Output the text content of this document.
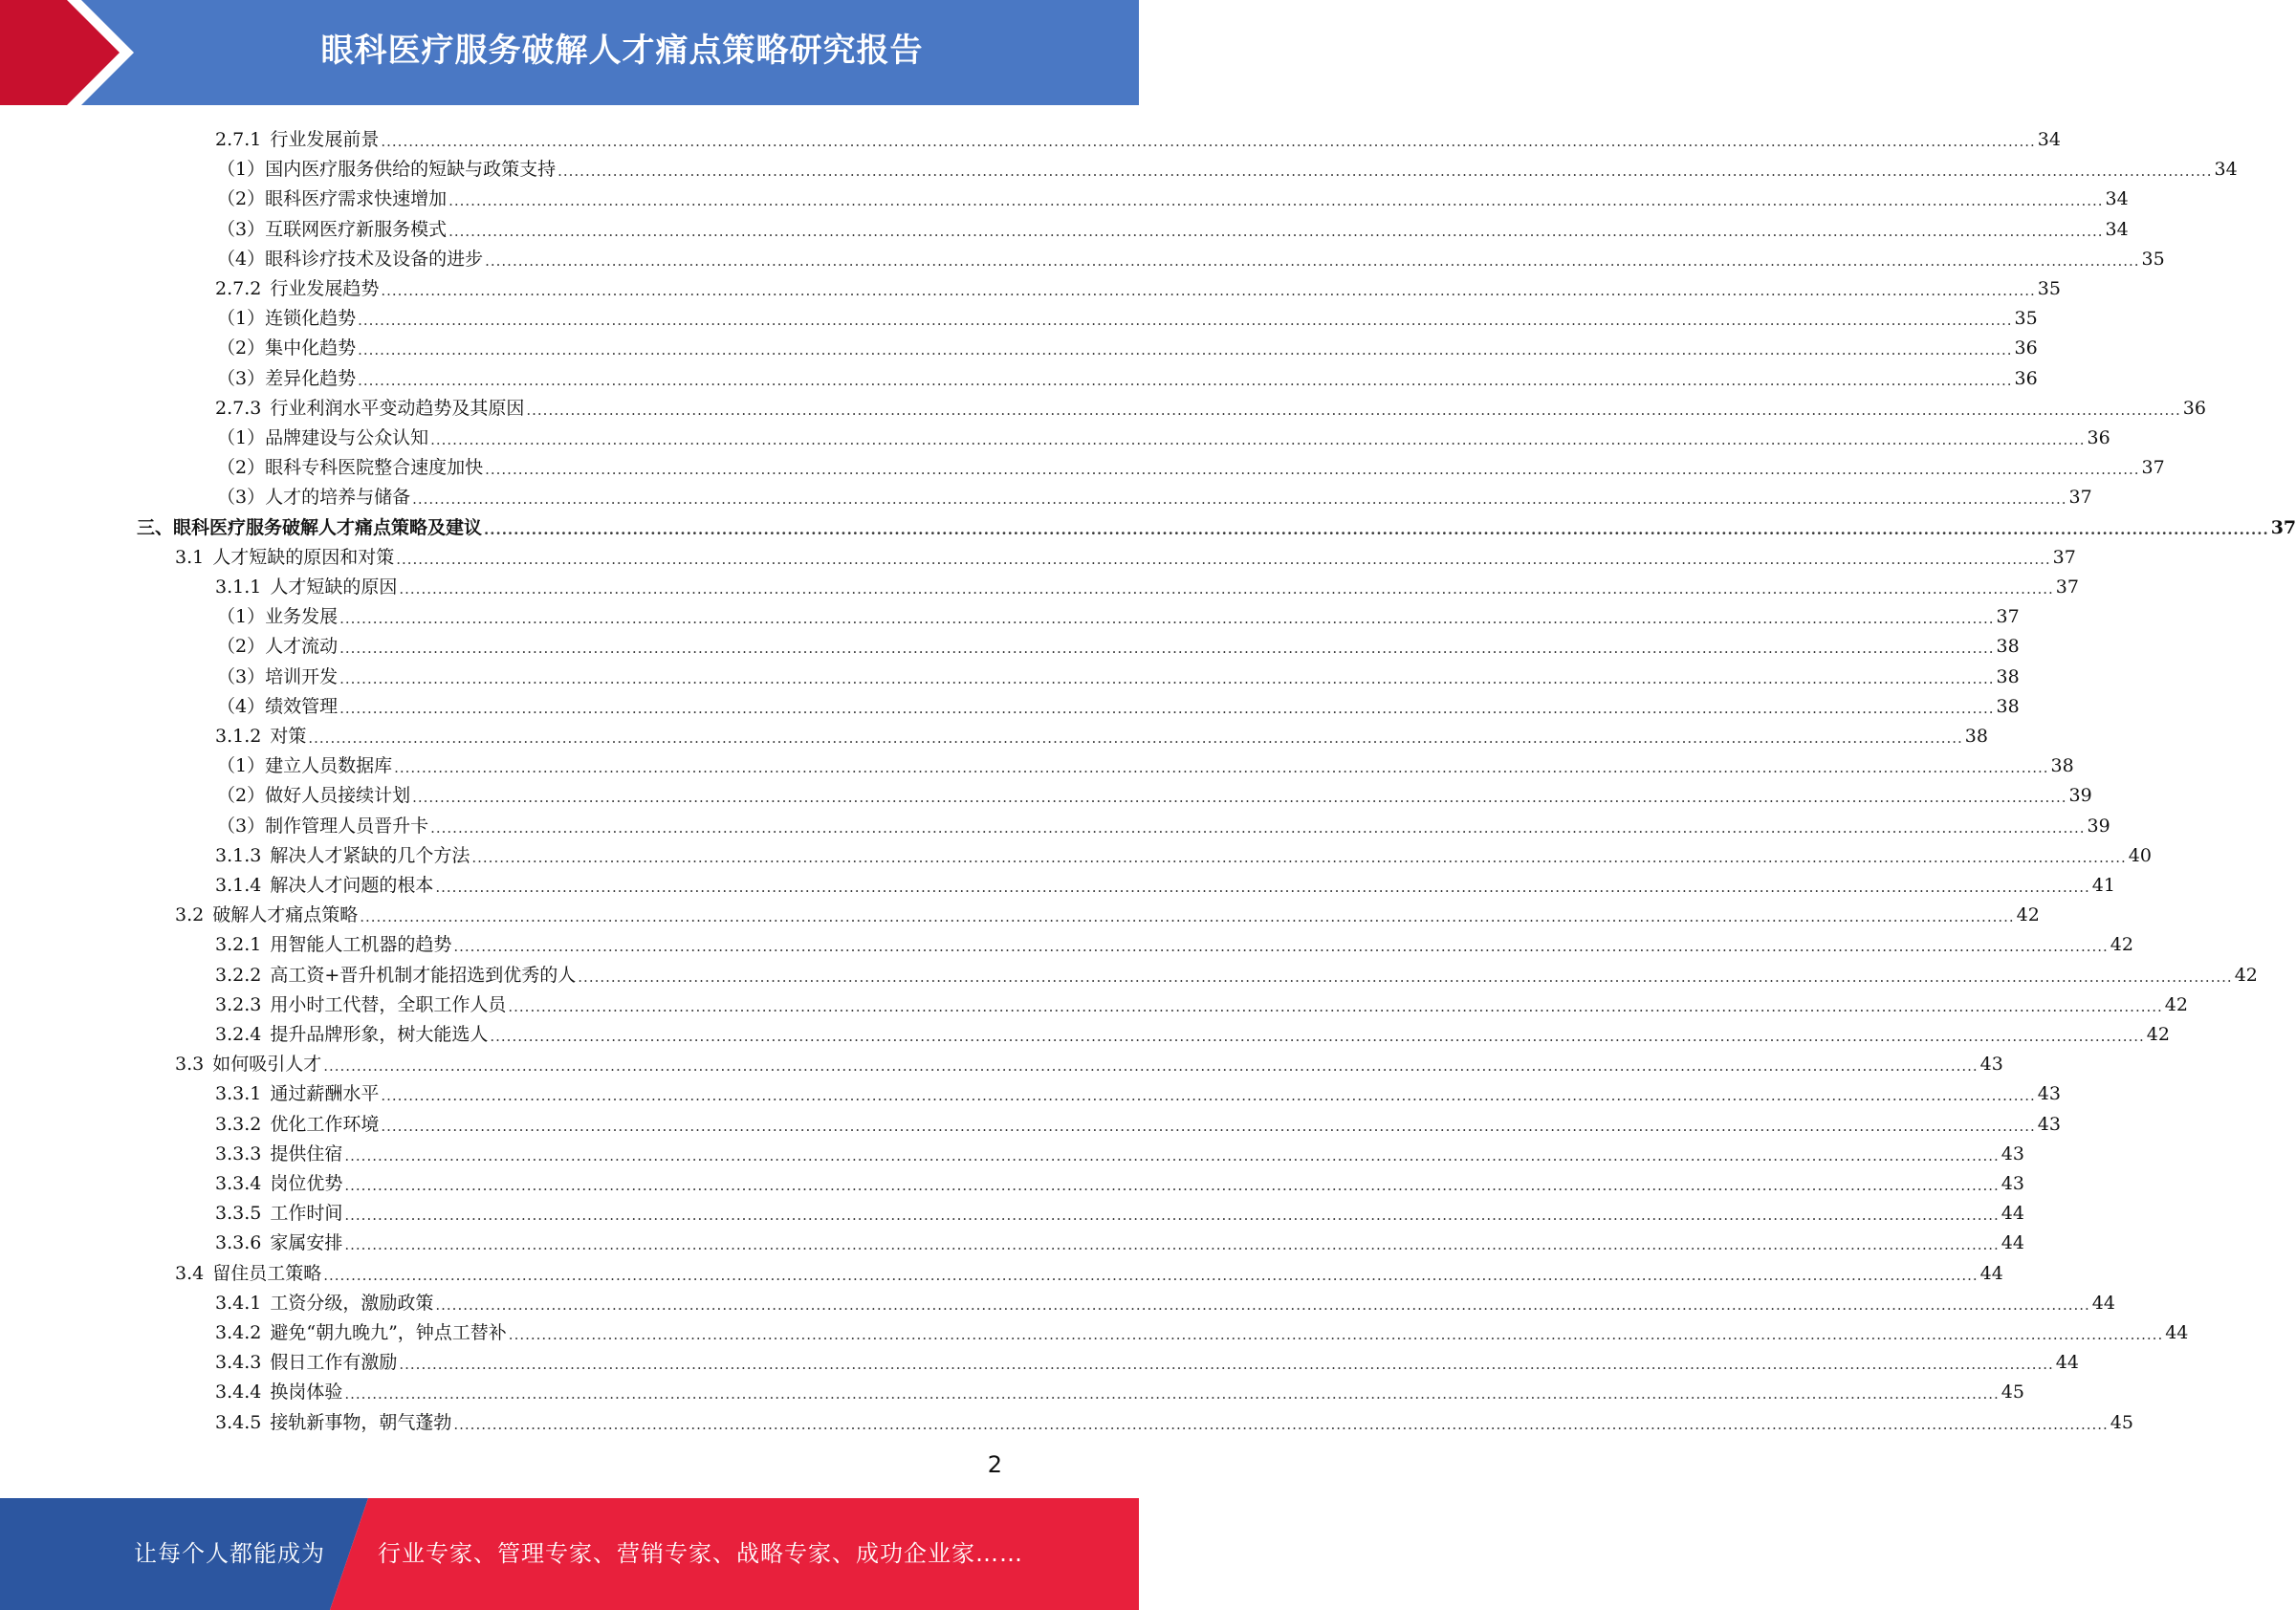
眼科医疗服务破解人才痛点策略研究报告
2.7.1 行业发展前景 ............................................................................................................................................................................................................................................................................................................ 34
（1） 国内医疗服务供给的短缺与政策支持 ............................................................................................................................................................................................................................................................................................................ 34
（2） 眼科医疗需求快速增加 ............................................................................................................................................................................................................................................................................................................ 34
（3） 互联网医疗新服务模式 ............................................................................................................................................................................................................................................................................................................ 34
（4） 眼科诊疗技术及设备的进步 ............................................................................................................................................................................................................................................................................................................ 35
2.7.2 行业发展趋势 ............................................................................................................................................................................................................................................................................................................ 35
（1） 连锁化趋势 ............................................................................................................................................................................................................................................................................................................ 35
（2） 集中化趋势 ............................................................................................................................................................................................................................................................................................................ 36
（3） 差异化趋势 ............................................................................................................................................................................................................................................................................................................ 36
2.7.3 行业利润水平变动趋势及其原因 ............................................................................................................................................................................................................................................................................................................ 36
（1） 品牌建设与公众认知 ............................................................................................................................................................................................................................................................................................................ 36
（2） 眼科专科医院整合速度加快 ............................................................................................................................................................................................................................................................................................................ 37
（3） 人才的培养与储备 ............................................................................................................................................................................................................................................................................................................ 37
三、 眼科医疗服务破解人才痛点策略及建议 ............................................................................................................................................................................................................................................................................................................ 37
3.1 人才短缺的原因和对策 ............................................................................................................................................................................................................................................................................................................ 37
3.1.1 人才短缺的原因 ............................................................................................................................................................................................................................................................................................................ 37
（1） 业务发展 ............................................................................................................................................................................................................................................................................................................ 37
（2） 人才流动 ............................................................................................................................................................................................................................................................................................................ 38
（3） 培训开发 ............................................................................................................................................................................................................................................................................................................ 38
（4） 绩效管理 ............................................................................................................................................................................................................................................................................................................ 38
3.1.2 对策 ............................................................................................................................................................................................................................................................................................................ 38
（1） 建立人员数据库 ............................................................................................................................................................................................................................................................................................................ 38
（2） 做好人员接续计划 ............................................................................................................................................................................................................................................................................................................ 39
（3） 制作管理人员晋升卡 ............................................................................................................................................................................................................................................................................................................ 39
3.1.3 解决人才紧缺的几个方法 ............................................................................................................................................................................................................................................................................................................ 40
3.1.4 解决人才问题的根本 ............................................................................................................................................................................................................................................................................................................ 41
3.2 破解人才痛点策略 ............................................................................................................................................................................................................................................................................................................ 42
3.2.1 用智能人工机器的趋势 ............................................................................................................................................................................................................................................................................................................ 42
3.2.2 高工资+晋升机制才能招选到优秀的人 ............................................................................................................................................................................................................................................................................................................ 42
3.2.3 用小时工代替，全职工作人员 ............................................................................................................................................................................................................................................................................................................ 42
3.2.4 提升品牌形象，树大能选人 ............................................................................................................................................................................................................................................................................................................ 42
3.3 如何吸引人才 ............................................................................................................................................................................................................................................................................................................ 43
3.3.1 通过薪酬水平 ............................................................................................................................................................................................................................................................................................................ 43
3.3.2 优化工作环境 ............................................................................................................................................................................................................................................................................................................ 43
3.3.3 提供住宿 ............................................................................................................................................................................................................................................................................................................ 43
3.3.4 岗位优势 ............................................................................................................................................................................................................................................................................................................ 43
3.3.5 工作时间 ............................................................................................................................................................................................................................................................................................................ 44
3.3.6 家属安排 ............................................................................................................................................................................................................................................................................................................ 44
3.4 留住员工策略 ............................................................................................................................................................................................................................................................................................................ 44
3.4.1 工资分级，激励政策 ............................................................................................................................................................................................................................................................................................................ 44
3.4.2 避免“朝九晚九”，钟点工替补 ............................................................................................................................................................................................................................................................................................................ 44
3.4.3 假日工作有激励 ............................................................................................................................................................................................................................................................................................................ 44
3.4.4 换岗体验 ............................................................................................................................................................................................................................................................................................................ 45
3.4.5 接轨新事物，朝气蓬勃 ............................................................................................................................................................................................................................................................................................................ 45
2
让每个人都能成为 行业专家、管理专家、营销专家、战略专家、成功企业家……
